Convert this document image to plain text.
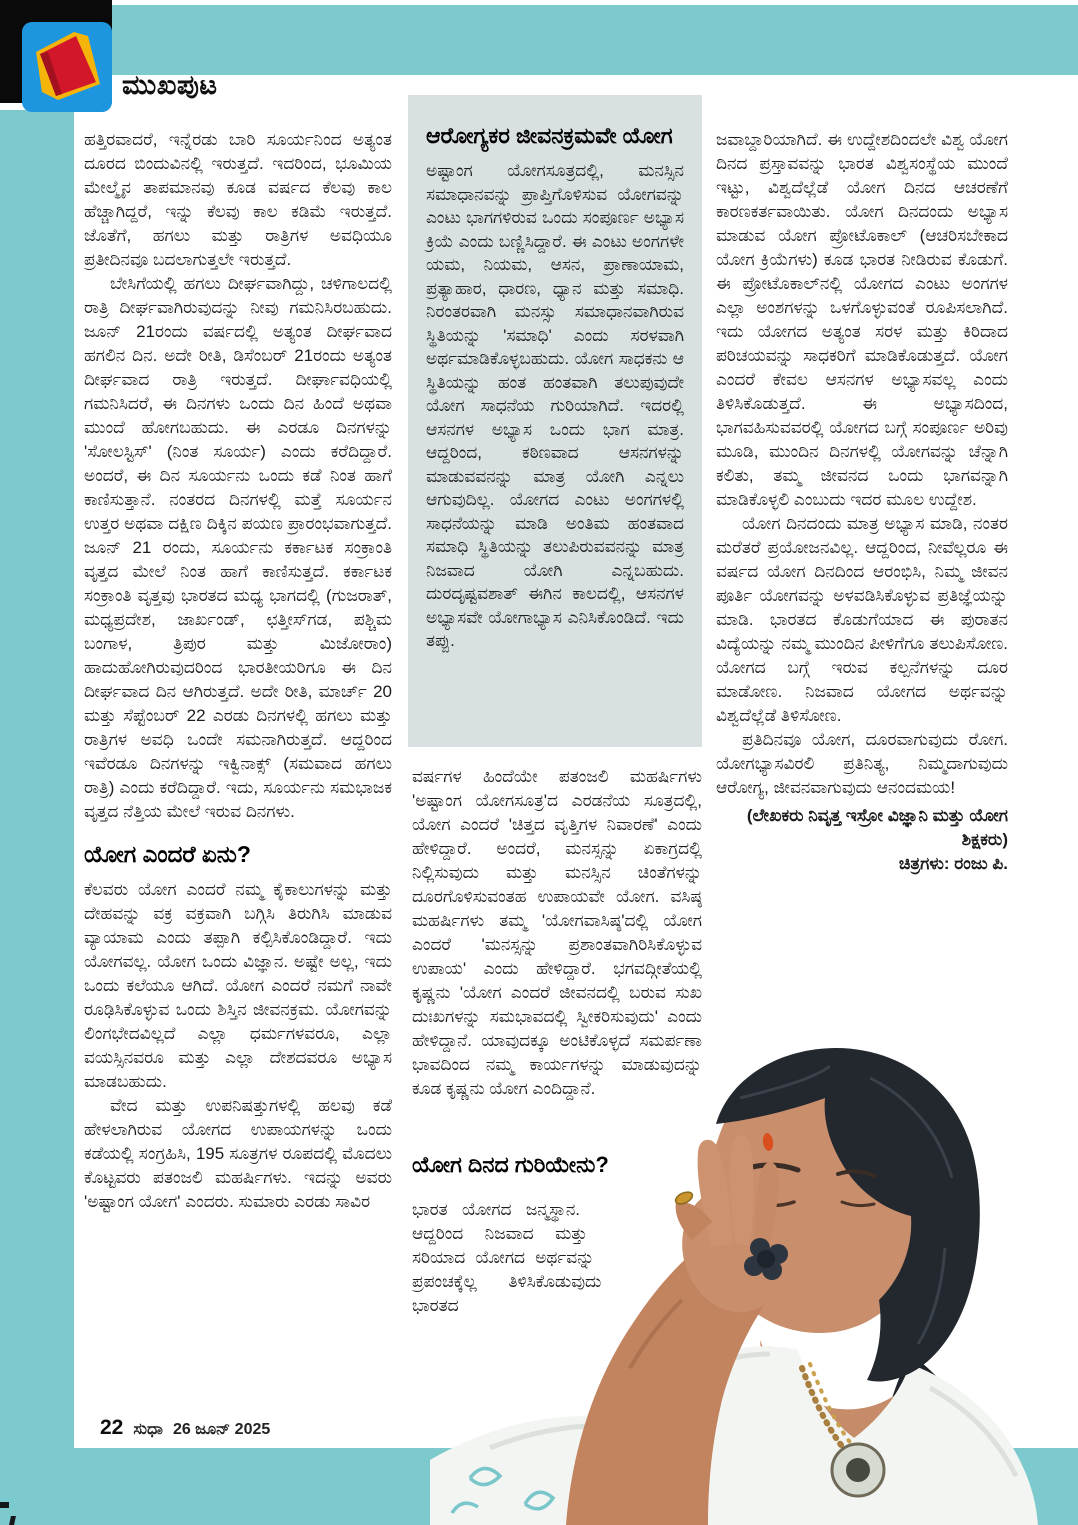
ಮುಖಪುಟ

ಹತ್ತಿರವಾದರೆ, ಇನ್ನೆರಡು ಬಾರಿ ಸೂರ್ಯನಿಂದ ಅತ್ಯಂತ ದೂರದ ಬಿಂದುವಿನಲ್ಲಿ ಇರುತ್ತದೆ. ಇದರಿಂದ, ಭೂಮಿಯ ಮೇಲ್ಮೈನ ತಾಪಮಾನವು ಕೂಡ ವರ್ಷದ ಕೆಲವು ಕಾಲ ಹೆಚ್ಚಾಗಿದ್ದರೆ, ಇನ್ನು ಕೆಲವು ಕಾಲ ಕಡಿಮೆ ಇರುತ್ತದೆ. ಜೊತೆಗೆ, ಹಗಲು ಮತ್ತು ರಾತ್ರಿಗಳ ಅವಧಿಯೂ ಪ್ರತೀದಿನವೂ ಬದಲಾಗುತ್ತಲೇ ಇರುತ್ತದೆ.

ಬೇಸಿಗೆಯಲ್ಲಿ ಹಗಲು ದೀರ್ಘವಾಗಿದ್ದು, ಚಳಿಗಾಲದಲ್ಲಿ ರಾತ್ರಿ ದೀರ್ಘವಾಗಿರುವುದನ್ನು ನೀವು ಗಮನಿಸಿರಬಹುದು. ಜೂನ್ 21ರಂದು ವರ್ಷದಲ್ಲಿ ಅತ್ಯಂತ ದೀರ್ಘವಾದ ಹಗಲಿನ ದಿನ. ಅದೇ ರೀತಿ, ಡಿಸೆಂಬರ್ 21ರಂದು ಅತ್ಯಂತ ದೀರ್ಘವಾದ ರಾತ್ರಿ ಇರುತ್ತದೆ. ದೀರ್ಘಾವಧಿಯಲ್ಲಿ ಗಮನಿಸಿದರೆ, ಈ ದಿನಗಳು ಒಂದು ದಿನ ಹಿಂದೆ ಅಥವಾ ಮುಂದೆ ಹೋಗಬಹುದು. ಈ ಎರಡೂ ದಿನಗಳನ್ನು 'ಸೋಲಸ್ಟಿಸ್' (ನಿಂತ ಸೂರ್ಯ) ಎಂದು ಕರೆದಿದ್ದಾರೆ. ಅಂದರೆ, ಈ ದಿನ ಸೂರ್ಯನು ಒಂದು ಕಡೆ ನಿಂತ ಹಾಗೆ ಕಾಣಿಸುತ್ತಾನೆ. ನಂತರದ ದಿನಗಳಲ್ಲಿ ಮತ್ತೆ ಸೂರ್ಯನ ಉತ್ತರ ಅಥವಾ ದಕ್ಷಿಣ ದಿಕ್ಕಿನ ಪಯಣ ಪ್ರಾರಂಭವಾಗುತ್ತದೆ. ಜೂನ್ 21 ರಂದು, ಸೂರ್ಯನು ಕರ್ಕಾಟಕ ಸಂಕ್ರಾಂತಿ ವೃತ್ತದ ಮೇಲೆ ನಿಂತ ಹಾಗೆ ಕಾಣಿಸುತ್ತದೆ. ಕರ್ಕಾಟಕ ಸಂಕ್ರಾಂತಿ ವೃತ್ತವು ಭಾರತದ ಮಧ್ಯ ಭಾಗದಲ್ಲಿ (ಗುಜರಾತ್, ಮಧ್ಯಪ್ರದೇಶ, ಜಾರ್ಖಂಡ್, ಛತ್ತೀಸ್‌ಗಡ, ಪಶ್ಚಿಮ ಬಂಗಾಳ, ತ್ರಿಪುರ ಮತ್ತು ಮಿಜೋರಾಂ) ಹಾದುಹೋಗಿರುವುದರಿಂದ ಭಾರತೀಯರಿಗೂ ಈ ದಿನ ದೀರ್ಘವಾದ ದಿನ ಆಗಿರುತ್ತದೆ. ಅದೇ ರೀತಿ, ಮಾರ್ಚ್ 20 ಮತ್ತು ಸೆಪ್ಟೆಂಬರ್ 22 ಎರಡು ದಿನಗಳಲ್ಲಿ ಹಗಲು ಮತ್ತು ರಾತ್ರಿಗಳ ಅವಧಿ ಒಂದೇ ಸಮನಾಗಿರುತ್ತದೆ. ಆದ್ದರಿಂದ ಇವೆರಡೂ ದಿನಗಳನ್ನು ಇಕ್ವಿನಾಕ್ಸ್ (ಸಮವಾದ ಹಗಲು ರಾತ್ರಿ) ಎಂದು ಕರೆದಿದ್ದಾರೆ. ಇದು, ಸೂರ್ಯನು ಸಮಭಾಜಕ ವೃತ್ತದ ನೆತ್ತಿಯ ಮೇಲೆ ಇರುವ ದಿನಗಳು.

ಯೋಗ ಎಂದರೆ ಏನು?

ಕೆಲವರು ಯೋಗ ಎಂದರೆ ನಮ್ಮ ಕೈಕಾಲುಗಳನ್ನು ಮತ್ತು ದೇಹವನ್ನು ವಕ್ರ ವಕ್ರವಾಗಿ ಬಗ್ಗಿಸಿ ತಿರುಗಿಸಿ ಮಾಡುವ ವ್ಯಾಯಾಮ ಎಂದು ತಪ್ಪಾಗಿ ಕಲ್ಪಿಸಿಕೊಂಡಿದ್ದಾರೆ. ಇದು ಯೋಗವಲ್ಲ. ಯೋಗ ಒಂದು ವಿಜ್ಞಾನ. ಅಷ್ಟೇ ಅಲ್ಲ, ಇದು ಒಂದು ಕಲೆಯೂ ಆಗಿದೆ. ಯೋಗ ಎಂದರೆ ನಮಗೆ ನಾವೇ ರೂಢಿಸಿಕೊಳ್ಳುವ ಒಂದು ಶಿಸ್ತಿನ ಜೀವನಕ್ರಮ. ಯೋಗವನ್ನು ಲಿಂಗಭೇದವಿಲ್ಲದೆ ಎಲ್ಲಾ ಧರ್ಮಗಳವರೂ, ಎಲ್ಲಾ ವಯಸ್ಸಿನವರೂ ಮತ್ತು ಎಲ್ಲಾ ದೇಶದವರೂ ಅಭ್ಯಾಸ ಮಾಡಬಹುದು.

ವೇದ ಮತ್ತು ಉಪನಿಷತ್ತುಗಳಲ್ಲಿ ಹಲವು ಕಡೆ ಹೇಳಲಾಗಿರುವ ಯೋಗದ ಉಪಾಯಗಳನ್ನು ಒಂದು ಕಡೆಯಲ್ಲಿ ಸಂಗ್ರಹಿಸಿ, 195 ಸೂತ್ರಗಳ ರೂಪದಲ್ಲಿ ಮೊದಲು ಕೊಟ್ಟವರು ಪತಂಜಲಿ ಮಹರ್ಷಿಗಳು. ಇದನ್ನು ಅವರು 'ಅಷ್ಟಾಂಗ ಯೋಗ' ಎಂದರು. ಸುಮಾರು ಎರಡು ಸಾವಿರ

ಆರೋಗ್ಯಕರ ಜೀವನಕ್ರಮವೇ ಯೋಗ

ಅಷ್ಟಾಂಗ ಯೋಗಸೂತ್ರದಲ್ಲಿ, ಮನಸ್ಸಿನ ಸಮಾಧಾನವನ್ನು ಪ್ರಾಪ್ತಿಗೊಳಿಸುವ ಯೋಗವನ್ನು ಎಂಟು ಭಾಗಗಳಿರುವ ಒಂದು ಸಂಪೂರ್ಣ ಅಭ್ಯಾಸ ಕ್ರಿಯೆ ಎಂದು ಬಣ್ಣಿಸಿದ್ದಾರೆ. ಈ ಎಂಟು ಅಂಗಗಳೇ ಯಮ, ನಿಯಮ, ಆಸನ, ಪ್ರಾಣಾಯಾಮ, ಪ್ರತ್ಯಾಹಾರ, ಧಾರಣ, ಧ್ಯಾನ ಮತ್ತು ಸಮಾಧಿ. ನಿರಂತರವಾಗಿ ಮನಸ್ಸು ಸಮಾಧಾನವಾಗಿರುವ ಸ್ಥಿತಿಯನ್ನು 'ಸಮಾಧಿ' ಎಂದು ಸರಳವಾಗಿ ಅರ್ಥಮಾಡಿಕೊಳ್ಳಬಹುದು. ಯೋಗ ಸಾಧಕನು ಆ ಸ್ಥಿತಿಯನ್ನು ಹಂತ ಹಂತವಾಗಿ ತಲುಪುವುದೇ ಯೋಗ ಸಾಧನೆಯ ಗುರಿಯಾಗಿದೆ. ಇದರಲ್ಲಿ ಆಸನಗಳ ಅಭ್ಯಾಸ ಒಂದು ಭಾಗ ಮಾತ್ರ. ಆದ್ದರಿಂದ, ಕಠಿಣವಾದ ಆಸನಗಳನ್ನು ಮಾಡುವವನನ್ನು ಮಾತ್ರ ಯೋಗಿ ಎನ್ನಲು ಆಗುವುದಿಲ್ಲ. ಯೋಗದ ಎಂಟು ಅಂಗಗಳಲ್ಲಿ ಸಾಧನೆಯನ್ನು ಮಾಡಿ ಅಂತಿಮ ಹಂತವಾದ ಸಮಾಧಿ ಸ್ಥಿತಿಯನ್ನು ತಲುಪಿರುವವನನ್ನು ಮಾತ್ರ ನಿಜವಾದ ಯೋಗಿ ಎನ್ನಬಹುದು. ದುರದೃಷ್ಟವಶಾತ್ ಈಗಿನ ಕಾಲದಲ್ಲಿ, ಆಸನಗಳ ಅಭ್ಯಾಸವೇ ಯೋಗಾಭ್ಯಾಸ ಎನಿಸಿಕೊಂಡಿದೆ. ಇದು ತಪ್ಪು.

ವರ್ಷಗಳ ಹಿಂದೆಯೇ ಪತಂಜಲಿ ಮಹರ್ಷಿಗಳು 'ಅಷ್ಟಾಂಗ ಯೋಗಸೂತ್ರ'ದ ಎರಡನೆಯ ಸೂತ್ರದಲ್ಲಿ, ಯೋಗ ಎಂದರೆ 'ಚಿತ್ತದ ವೃತ್ತಿಗಳ ನಿವಾರಣೆ' ಎಂದು ಹೇಳಿದ್ದಾರೆ. ಅಂದರೆ, ಮನಸ್ಸನ್ನು ಏಕಾಗ್ರದಲ್ಲಿ ನಿಲ್ಲಿಸುವುದು ಮತ್ತು ಮನಸ್ಸಿನ ಚಿಂತೆಗಳನ್ನು ದೂರಗೊಳಿಸುವಂತಹ ಉಪಾಯವೇ ಯೋಗ. ವಸಿಷ್ಠ ಮಹರ್ಷಿಗಳು ತಮ್ಮ 'ಯೋಗವಾಸಿಷ್ಠ'ದಲ್ಲಿ ಯೋಗ ಎಂದರೆ 'ಮನಸ್ಸನ್ನು ಪ್ರಶಾಂತವಾಗಿರಿಸಿಕೊಳ್ಳುವ ಉಪಾಯ' ಎಂದು ಹೇಳಿದ್ದಾರೆ. ಭಗವದ್ಗೀತೆಯಲ್ಲಿ ಕೃಷ್ಣನು 'ಯೋಗ ಎಂದರೆ ಜೀವನದಲ್ಲಿ ಬರುವ ಸುಖ ದುಃಖಗಳನ್ನು ಸಮಭಾವದಲ್ಲಿ ಸ್ವೀಕರಿಸುವುದು' ಎಂದು ಹೇಳಿದ್ದಾನೆ. ಯಾವುದಕ್ಕೂ ಅಂಟಿಕೊಳ್ಳದೆ ಸಮರ್ಪಣಾ ಭಾವದಿಂದ ನಮ್ಮ ಕಾರ್ಯಗಳನ್ನು ಮಾಡುವುದನ್ನು ಕೂಡ ಕೃಷ್ಣನು ಯೋಗ ಎಂದಿದ್ದಾನೆ.

ಯೋಗ ದಿನದ ಗುರಿಯೇನು?

ಭಾರತ ಯೋಗದ ಜನ್ಮಸ್ಥಾನ. ಆದ್ದರಿಂದ ನಿಜವಾದ ಮತ್ತು ಸರಿಯಾದ ಯೋಗದ ಅರ್ಥವನ್ನು ಪ್ರಪಂಚಕ್ಕೆಲ್ಲ ತಿಳಿಸಿಕೊಡುವುದು ಭಾರತದ

ಜವಾಬ್ದಾರಿಯಾಗಿದೆ. ಈ ಉದ್ದೇಶದಿಂದಲೇ ವಿಶ್ವ ಯೋಗ ದಿನದ ಪ್ರಸ್ತಾವವನ್ನು ಭಾರತ ವಿಶ್ವಸಂಸ್ಥೆಯ ಮುಂದೆ ಇಟ್ಟು, ವಿಶ್ವದೆಲ್ಲೆಡೆ ಯೋಗ ದಿನದ ಆಚರಣೆಗೆ ಕಾರಣಕರ್ತವಾಯಿತು. ಯೋಗ ದಿನದಂದು ಅಭ್ಯಾಸ ಮಾಡುವ ಯೋಗ ಪ್ರೋಟೊಕಾಲ್ (ಆಚರಿಸಬೇಕಾದ ಯೋಗ ಕ್ರಿಯೆಗಳು) ಕೂಡ ಭಾರತ ನೀಡಿರುವ ಕೊಡುಗೆ. ಈ ಪ್ರೋಟೊಕಾಲ್‌ನಲ್ಲಿ ಯೋಗದ ಎಂಟು ಅಂಗಗಳ ಎಲ್ಲಾ ಅಂಶಗಳನ್ನು ಒಳಗೊಳ್ಳುವಂತೆ ರೂಪಿಸಲಾಗಿದೆ. ಇದು ಯೋಗದ ಅತ್ಯಂತ ಸರಳ ಮತ್ತು ಕಿರಿದಾದ ಪರಿಚಯವನ್ನು ಸಾಧಕರಿಗೆ ಮಾಡಿಕೊಡುತ್ತದೆ. ಯೋಗ ಎಂದರೆ ಕೇವಲ ಆಸನಗಳ ಅಭ್ಯಾಸವಲ್ಲ ಎಂದು ತಿಳಿಸಿಕೊಡುತ್ತದೆ. ಈ ಅಭ್ಯಾಸದಿಂದ, ಭಾಗವಹಿಸುವವರಲ್ಲಿ ಯೋಗದ ಬಗ್ಗೆ ಸಂಪೂರ್ಣ ಅರಿವು ಮೂಡಿ, ಮುಂದಿನ ದಿನಗಳಲ್ಲಿ ಯೋಗವನ್ನು ಚೆನ್ನಾಗಿ ಕಲಿತು, ತಮ್ಮ ಜೀವನದ ಒಂದು ಭಾಗವನ್ನಾಗಿ ಮಾಡಿಕೊಳ್ಳಲಿ ಎಂಬುದು ಇದರ ಮೂಲ ಉದ್ದೇಶ.

ಯೋಗ ದಿನದಂದು ಮಾತ್ರ ಅಭ್ಯಾಸ ಮಾಡಿ, ನಂತರ ಮರೆತರೆ ಪ್ರಯೋಜನವಿಲ್ಲ. ಆದ್ದರಿಂದ, ನೀವೆಲ್ಲರೂ ಈ ವರ್ಷದ ಯೋಗ ದಿನದಿಂದ ಆರಂಭಿಸಿ, ನಿಮ್ಮ ಜೀವನ ಪೂರ್ತಿ ಯೋಗವನ್ನು ಅಳವಡಿಸಿಕೊಳ್ಳುವ ಪ್ರತಿಜ್ಞೆಯನ್ನು ಮಾಡಿ. ಭಾರತದ ಕೊಡುಗೆಯಾದ ಈ ಪುರಾತನ ವಿದ್ಯೆಯನ್ನು ನಮ್ಮ ಮುಂದಿನ ಪೀಳಿಗೆಗೂ ತಲುಪಿಸೋಣ. ಯೋಗದ ಬಗ್ಗೆ ಇರುವ ಕಲ್ಪನೆಗಳನ್ನು ದೂರ ಮಾಡೋಣ. ನಿಜವಾದ ಯೋಗದ ಅರ್ಥವನ್ನು ವಿಶ್ವದೆಲ್ಲೆಡೆ ತಿಳಿಸೋಣ.

ಪ್ರತಿದಿನವೂ ಯೋಗ, ದೂರವಾಗುವುದು ರೋಗ. ಯೋಗಭ್ಯಾಸವಿರಲಿ ಪ್ರತಿನಿತ್ಯ, ನಿಮ್ಮದಾಗುವುದು ಆರೋಗ್ಯ, ಜೀವನವಾಗುವುದು ಆನಂದಮಯ!

(ಲೇಖಕರು ನಿವೃತ್ತ ಇಸ್ರೋ ವಿಜ್ಞಾನಿ ಮತ್ತು ಯೋಗ ಶಿಕ್ಷಕರು)

ಚಿತ್ರಗಳು: ರಂಜು ಪಿ.

22 ಸುಧಾ 26 ಜೂನ್ 2025
